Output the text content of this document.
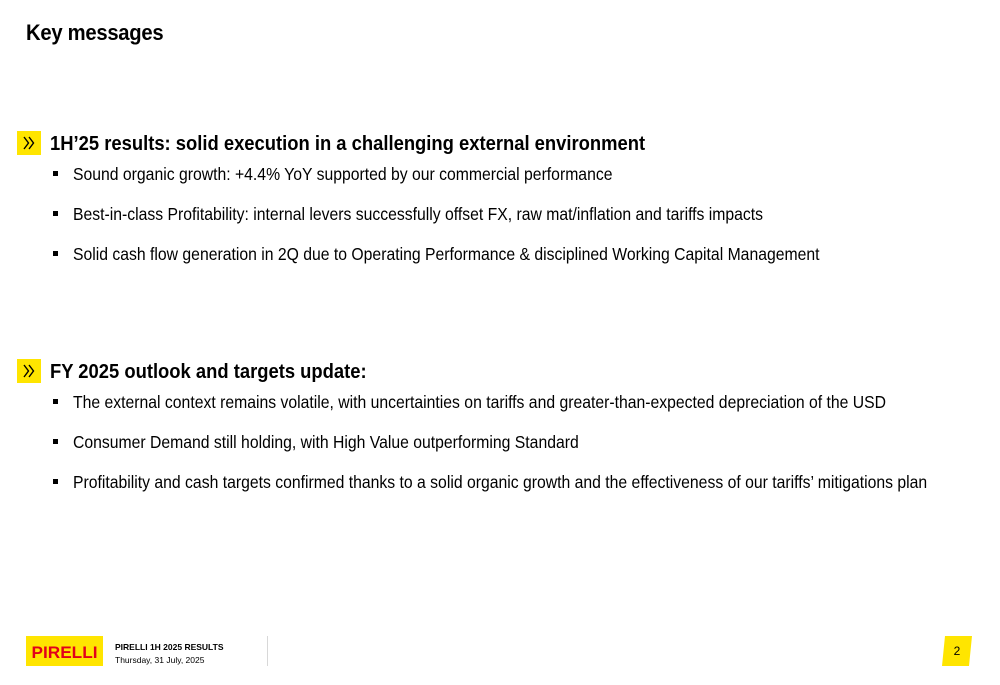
Key messages
1H’25 results: solid execution in a challenging external environment
Sound organic growth: +4.4% YoY supported by our commercial performance
Best-in-class Profitability: internal levers successfully offset FX, raw mat/inflation and tariffs impacts
Solid cash flow generation in 2Q due to Operating Performance & disciplined Working Capital Management
FY 2025 outlook and targets update:
The external context remains volatile, with uncertainties on tariffs and greater-than-expected depreciation of the USD
Consumer Demand still holding, with High Value outperforming Standard
Profitability and cash targets confirmed thanks to a solid organic growth and the effectiveness of our tariffs’ mitigations plan
PIRELLI PIRELLI 1H 2025 RESULTS
Thursday, 31 July, 2025
2
